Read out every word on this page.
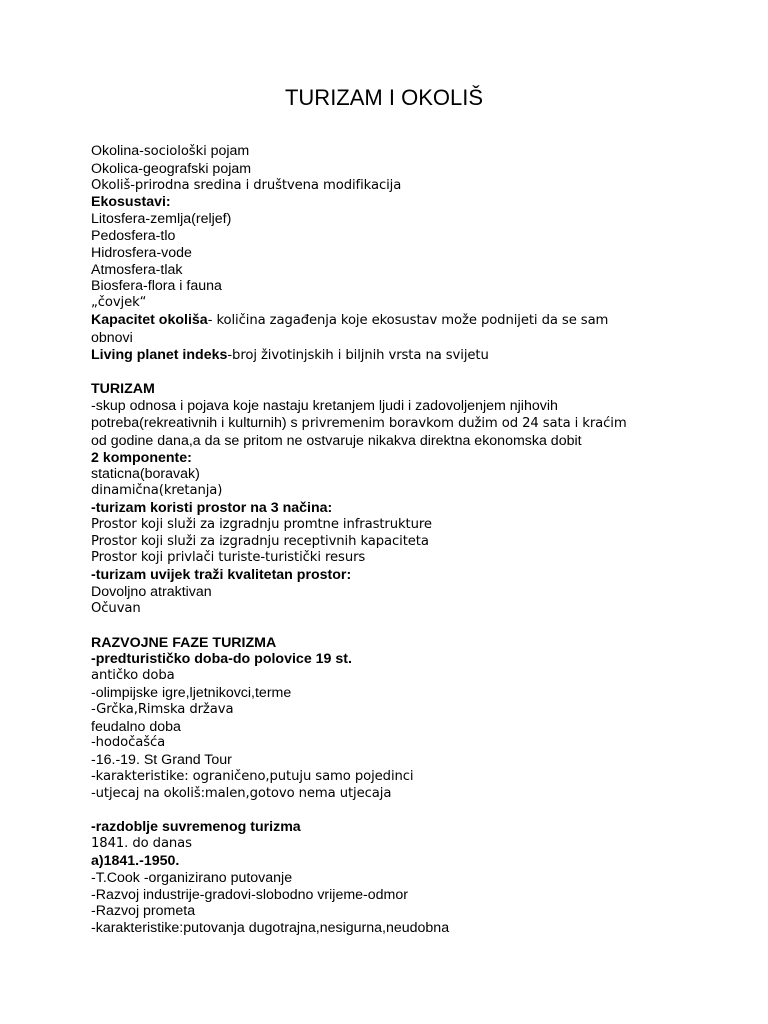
TURIZAM I OKOLIŠ
Okolina-sociološki pojam
Okolica-geografski pojam
Okoliš-prirodna sredina i društvena modifikacija
Ekosustavi:
Litosfera-zemlja(reljef)
Pedosfera-tlo
Hidrosfera-vode
Atmosfera-tlak
Biosfera-flora i fauna
„čovjek“
Kapacitet okoliša- količina zagađenja koje ekosustav može podnijeti da se sam
obnovi
Living planet indeks-broj životinjskih i biljnih vrsta na svijetu
TURIZAM
-skup odnosa i pojava koje nastaju kretanjem ljudi i zadovoljenjem njihovih
potreba(rekreativnih i kulturnih) s privremenim boravkom dužim od 24 sata i kraćim
od godine dana,a da se pritom ne ostvaruje nikakva direktna ekonomska dobit
2 komponente:
staticna(boravak)
dinamična(kretanja)
-turizam koristi prostor na 3 načina:
Prostor koji služi za izgradnju promtne infrastrukture
Prostor koji služi za izgradnju receptivnih kapaciteta
Prostor koji privlači turiste-turistički resurs
-turizam uvijek traži kvalitetan prostor:
Dovoljno atraktivan
Očuvan
RAZVOJNE FAZE TURIZMA
-predturističko doba-do polovice 19 st.
antičko doba
-olimpijske igre,ljetnikovci,terme
-Grčka,Rimska država
feudalno doba
-hodočašća
-16.-19. St Grand Tour
-karakteristike: ograničeno,putuju samo pojedinci
-utjecaj na okoliš:malen,gotovo nema utjecaja
-razdoblje suvremenog turizma
1841. do danas
a)1841.-1950.
-T.Cook -organizirano putovanje
-Razvoj industrije-gradovi-slobodno vrijeme-odmor
-Razvoj prometa
-karakteristike:putovanja dugotrajna,nesigurna,neudobna
